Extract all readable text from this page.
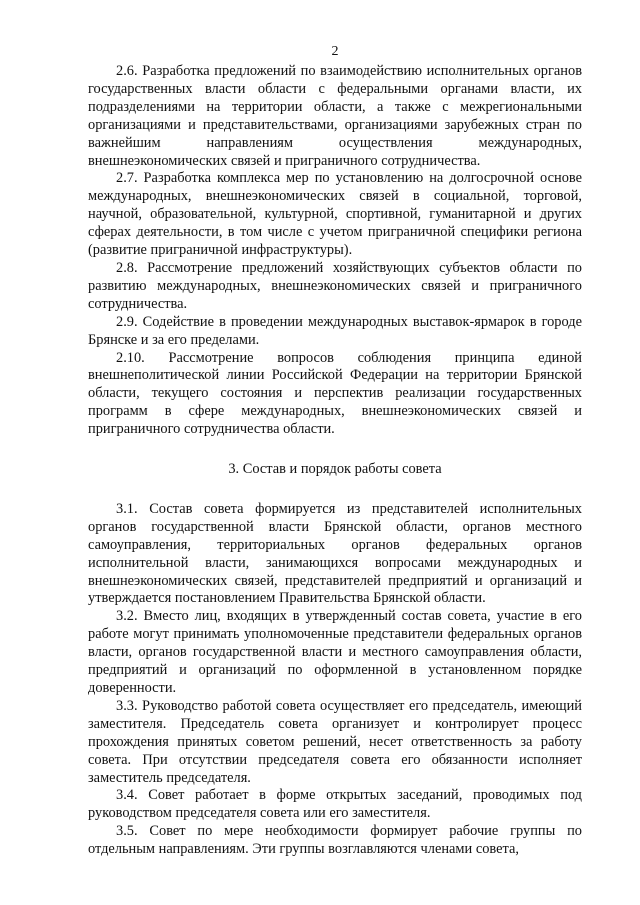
2

2.6. Разработка предложений по взаимодействию исполнительных органов государственных власти области с федеральными органами власти, их подразделениями на территории области, а также с межрегиональными организациями и представительствами, организациями зарубежных стран по важнейшим направлениям осуществления международных, внешнеэкономических связей и приграничного сотрудничества.

2.7. Разработка комплекса мер по установлению на долгосрочной основе международных, внешнеэкономических связей в социальной, торговой, научной, образовательной, культурной, спортивной, гуманитарной и других сферах деятельности, в том числе с учетом приграничной специфики региона (развитие приграничной инфраструктуры).

2.8. Рассмотрение предложений хозяйствующих субъектов области по развитию международных, внешнеэкономических связей и приграничного сотрудничества.

2.9. Содействие в проведении международных выставок-ярмарок в городе Брянске и за его пределами.

2.10. Рассмотрение вопросов соблюдения принципа единой внешнеполитической линии Российской Федерации на территории Брянской области, текущего состояния и перспектив реализации государственных программ в сфере международных, внешнеэкономических связей и приграничного сотрудничества области.

3. Состав и порядок работы совета

3.1. Состав совета формируется из представителей исполнительных органов государственной власти Брянской области, органов местного самоуправления, территориальных органов федеральных органов исполнительной власти, занимающихся вопросами международных и внешнеэкономических связей, представителей предприятий и организаций и утверждается постановлением Правительства Брянской области.

3.2. Вместо лиц, входящих в утвержденный состав совета, участие в его работе могут принимать уполномоченные представители федеральных органов власти, органов государственной власти и местного самоуправления области, предприятий и организаций по оформленной в установленном порядке доверенности.

3.3. Руководство работой совета осуществляет его председатель, имеющий заместителя. Председатель совета организует и контролирует процесс прохождения принятых советом решений, несет ответственность за работу совета. При отсутствии председателя совета его обязанности исполняет заместитель председателя.

3.4. Совет работает в форме открытых заседаний, проводимых под руководством председателя совета или его заместителя.

3.5. Совет по мере необходимости формирует рабочие группы по отдельным направлениям. Эти группы возглавляются членами совета,
